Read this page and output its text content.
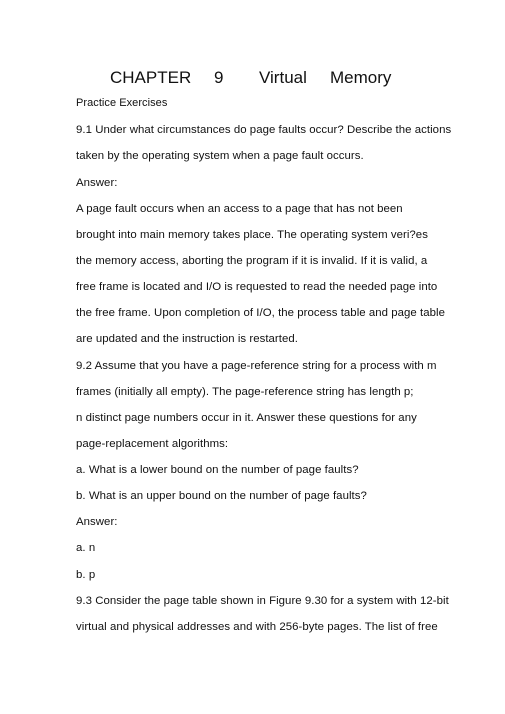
CHAPTER

9

Virtual

Memory

Practice Exercises
9.1 Under what circumstances do page faults occur? Describe the actions
taken by the operating system when a page fault occurs.
Answer:
A page fault occurs when an access to a page that has not been
brought into main memory takes place. The operating system veri?es
the memory access, aborting the program if it is invalid. If it is valid, a
free frame is located and I/O is requested to read the needed page into
the free frame. Upon completion of I/O, the process table and page table
are updated and the instruction is restarted.
9.2 Assume that you have a page-reference string for a process with m
frames (initially all empty). The page-reference string has length p;
n distinct page numbers occur in it. Answer these questions for any
page-replacement algorithms:
a. What is a lower bound on the number of page faults?
b. What is an upper bound on the number of page faults?
Answer:
a. n
b. p
9.3 Consider the page table shown in Figure 9.30 for a system with 12-bit
virtual and physical addresses and with 256-byte pages. The list of free
